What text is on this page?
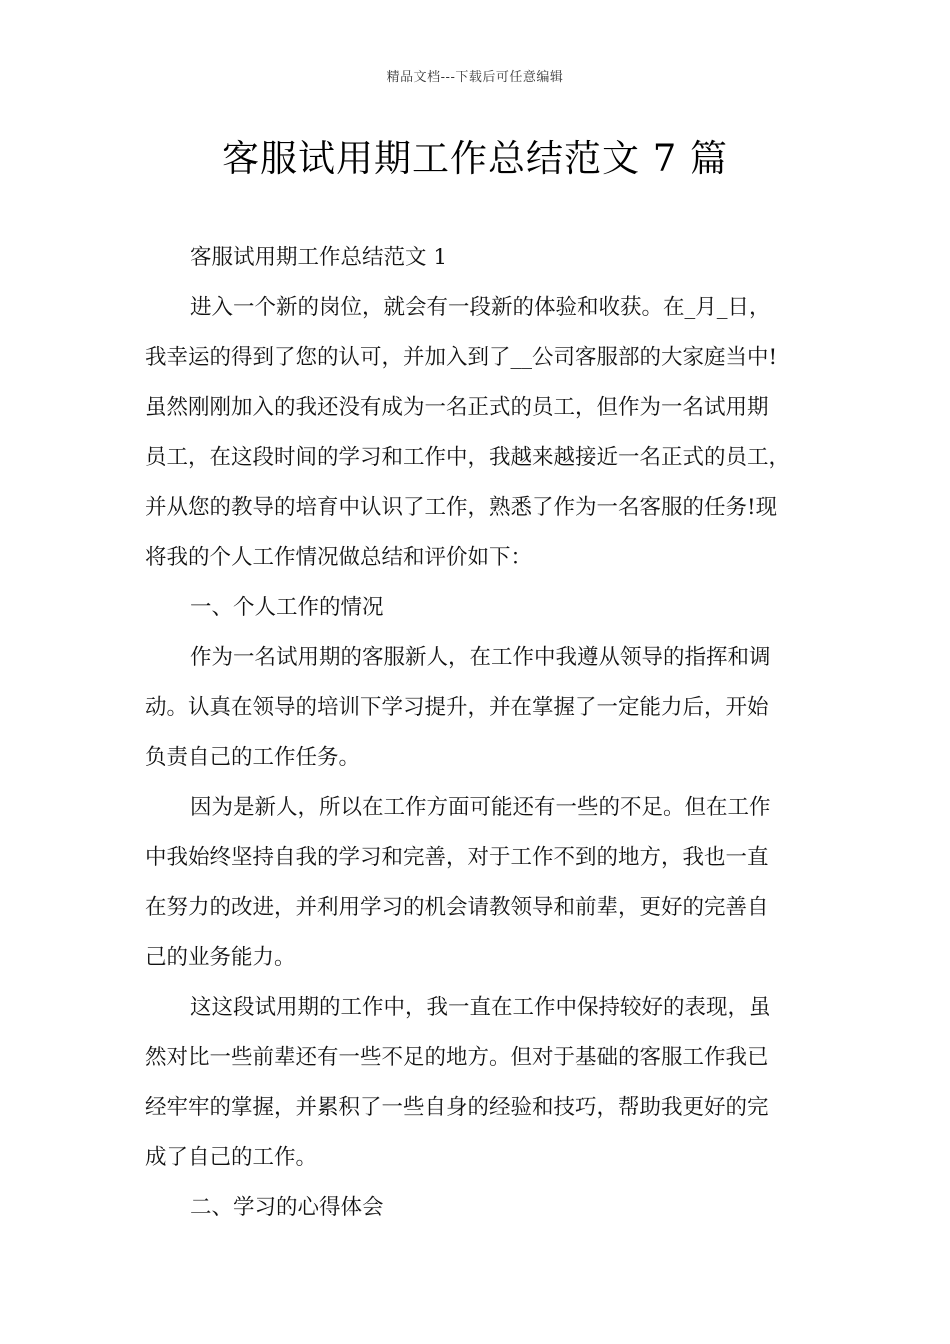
精品文档---下载后可任意编辑
客服试用期工作总结范文 7 篇
客服试用期工作总结范文 1
进入一个新的岗位，就会有一段新的体验和收获。在_月_日，
我幸运的得到了您的认可，并加入到了__公司客服部的大家庭当中!
虽然刚刚加入的我还没有成为一名正式的员工，但作为一名试用期
员工，在这段时间的学习和工作中，我越来越接近一名正式的员工，
并从您的教导的培育中认识了工作，熟悉了作为一名客服的任务!现
将我的个人工作情况做总结和评价如下：
一、个人工作的情况
作为一名试用期的客服新人，在工作中我遵从领导的指挥和调
动。认真在领导的培训下学习提升，并在掌握了一定能力后，开始
负责自己的工作任务。
因为是新人，所以在工作方面可能还有一些的不足。但在工作
中我始终坚持自我的学习和完善，对于工作不到的地方，我也一直
在努力的改进，并利用学习的机会请教领导和前辈，更好的完善自
己的业务能力。
这这段试用期的工作中，我一直在工作中保持较好的表现，虽
然对比一些前辈还有一些不足的地方。但对于基础的客服工作我已
经牢牢的掌握，并累积了一些自身的经验和技巧，帮助我更好的完
成了自己的工作。
二、学习的心得体会
